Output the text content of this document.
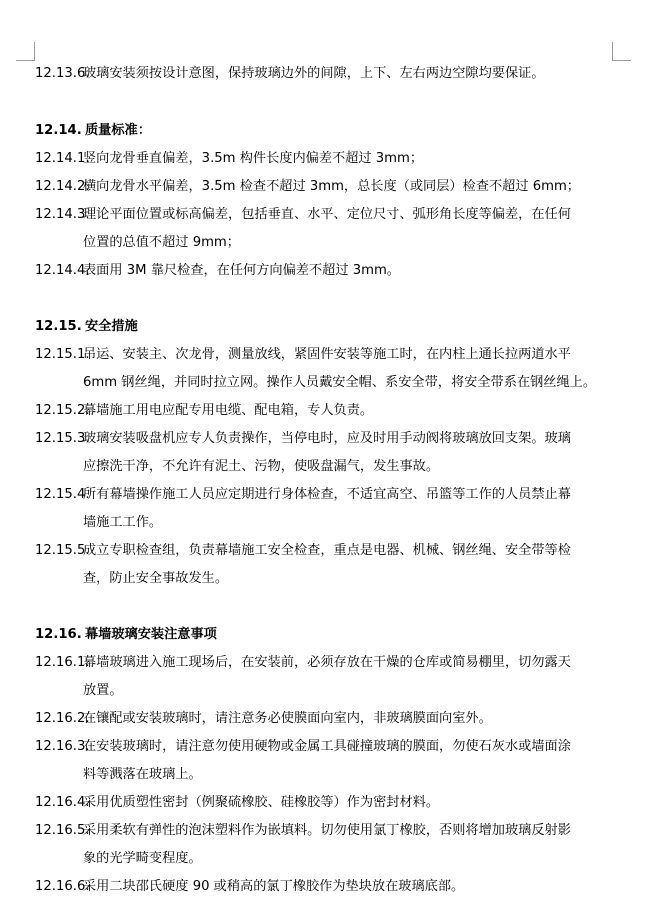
12.13.6.玻璃安装须按设计意图，保持玻璃边外的间隙，上下、左右两边空隙均要保证。
12.14. 质量标准：
12.14.1.竖向龙骨垂直偏差，3.5m 构件长度内偏差不超过 3mm；
12.14.2.横向龙骨水平偏差，3.5m 检查不超过 3mm，总长度（或同层）检查不超过 6mm；
12.14.3.理论平面位置或标高偏差，包括垂直、水平、定位尺寸、弧形角长度等偏差，在任何
位置的总值不超过 9mm；
12.14.4.表面用 3M 靠尺检查，在任何方向偏差不超过 3mm。
12.15. 安全措施
12.15.1.吊运、安装主、次龙骨，测量放线，紧固件安装等施工时，在内柱上通长拉两道水平
6mm 钢丝绳，并同时拉立网。操作人员戴安全帽、系安全带，将安全带系在钢丝绳上。
12.15.2.幕墙施工用电应配专用电缆、配电箱，专人负责。
12.15.3.玻璃安装吸盘机应专人负责操作，当停电时，应及时用手动阀将玻璃放回支架。玻璃
应擦洗干净，不允许有泥土、污物，使吸盘漏气，发生事故。
12.15.4.所有幕墙操作施工人员应定期进行身体检查，不适宜高空、吊篮等工作的人员禁止幕
墙施工工作。
12.15.5.成立专职检查组，负责幕墙施工安全检查，重点是电器、机械、钢丝绳、安全带等检
查，防止安全事故发生。
12.16. 幕墙玻璃安装注意事项
12.16.1.幕墙玻璃进入施工现场后，在安装前，必须存放在干燥的仓库或简易棚里，切勿露天
放置。
12.16.2.在镶配或安装玻璃时，请注意务必使膜面向室内，非玻璃膜面向室外。
12.16.3.在安装玻璃时，请注意勿使用硬物或金属工具碰撞玻璃的膜面，勿使石灰水或墙面涂
料等溅落在玻璃上。
12.16.4.采用优质塑性密封（例聚硫橡胶、硅橡胶等）作为密封材料。
12.16.5.采用柔软有弹性的泡沫塑料作为嵌填料。切勿使用氯丁橡胶，否则将增加玻璃反射影
象的光学畸变程度。
12.16.6.采用二块邵氏硬度 90 或稍高的氯丁橡胶作为垫块放在玻璃底部。
